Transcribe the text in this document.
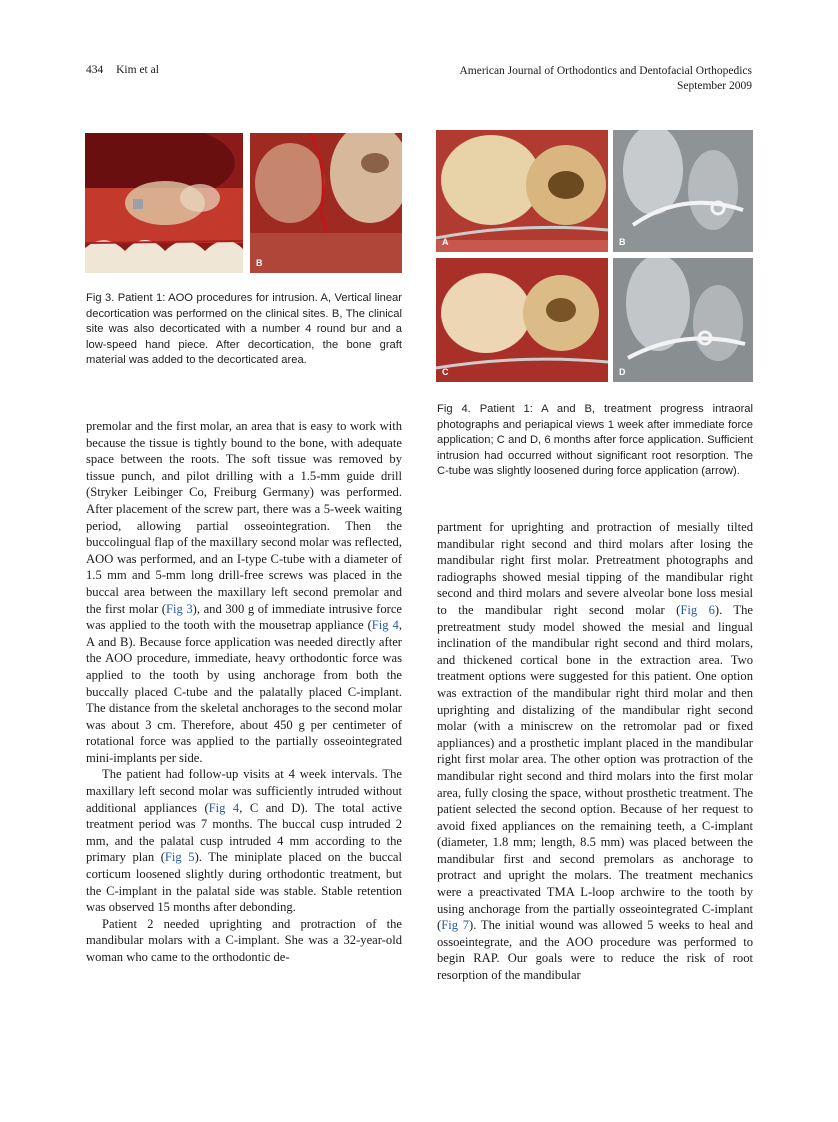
434 Kim et al	American Journal of Orthodontics and Dentofacial Orthopedics
September 2009
B
Fig 3. Patient 1: AOO procedures for intrusion. A, Vertical linear decortication was performed on the clinical sites. B, The clinical site was also decorticated with a number 4 round bur and a low-speed hand piece. After decortication, the bone graft material was added to the decorticated area.
A	B
C	D
Fig 4. Patient 1: A and B, treatment progress intraoral photographs and periapical views 1 week after immediate force application; C and D, 6 months after force application. Sufficient intrusion had occurred without significant root resorption. The C-tube was slightly loosened during force application (arrow).

premolar and the first molar, an area that is easy to work with because the tissue is tightly bound to the bone, with adequate space between the roots. The soft tissue was removed by tissue punch, and pilot drilling with a 1.5-mm guide drill (Stryker Leibinger Co, Freiburg Germany) was performed. After placement of the screw part, there was a 5-week waiting period, allowing partial osseointegration. Then the buccolingual flap of the maxillary second molar was reflected, AOO was performed, and an I-type C-tube with a diameter of 1.5 mm and 5-mm long drill-free screws was placed in the buccal area between the maxillary left second premolar and the first molar (Fig 3), and 300 g of immediate intrusive force was applied to the tooth with the mousetrap appliance (Fig 4, A and B). Because force application was needed directly after the AOO procedure, immediate, heavy orthodontic force was applied to the tooth by using anchorage from both the buccally placed C-tube and the palatally placed C-implant. The distance from the skeletal anchorages to the second molar was about 3 cm. Therefore, about 450 g per centimeter of rotational force was applied to the partially osseointegrated mini-implants per side.

The patient had follow-up visits at 4 week intervals. The maxillary left second molar was sufficiently intruded without additional appliances (Fig 4, C and D). The total active treatment period was 7 months. The buccal cusp intruded 2 mm, and the palatal cusp intruded 4 mm according to the primary plan (Fig 5). The miniplate placed on the buccal corticum loosened slightly during orthodontic treatment, but the C-implant in the palatal side was stable. Stable retention was observed 15 months after debonding.

Patient 2 needed uprighting and protraction of the mandibular molars with a C-implant. She was a 32-year-old woman who came to the orthodontic de-

partment for uprighting and protraction of mesially tilted mandibular right second and third molars after losing the mandibular right first molar. Pretreatment photographs and radiographs showed mesial tipping of the mandibular right second and third molars and severe alveolar bone loss mesial to the mandibular right second molar (Fig 6). The pretreatment study model showed the mesial and lingual inclination of the mandibular right second and third molars, and thickened cortical bone in the extraction area. Two treatment options were suggested for this patient. One option was extraction of the mandibular right third molar and then uprighting and distalizing of the mandibular right second molar (with a miniscrew on the retromolar pad or fixed appliances) and a prosthetic implant placed in the mandibular right first molar area. The other option was protraction of the mandibular right second and third molars into the first molar area, fully closing the space, without prosthetic treatment. The patient selected the second option. Because of her request to avoid fixed appliances on the remaining teeth, a C-implant (diameter, 1.8 mm; length, 8.5 mm) was placed between the mandibular first and second premolars as anchorage to protract and upright the molars. The treatment mechanics were a preactivated TMA L-loop archwire to the tooth by using anchorage from the partially osseointegrated C-implant (Fig 7). The initial wound was allowed 5 weeks to heal and ossoeintegrate, and the AOO procedure was performed to begin RAP. Our goals were to reduce the risk of root resorption of the mandibular
